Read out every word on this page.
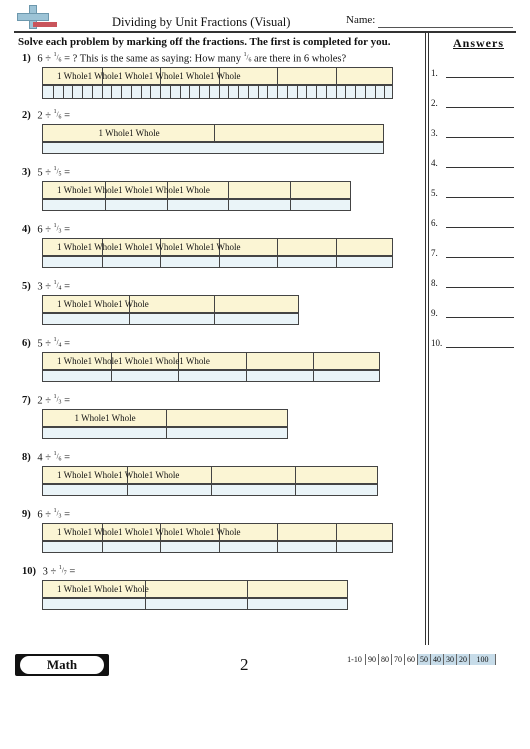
Dividing by Unit Fractions (Visual)	Name:
Solve each problem by marking off the fractions. The first is completed for you.	Answers
1.
2.
3.
4.
5.
6.
7.
8.
9.
10.
1) $6 \div ^1/_6$ = ? This is the same as saying: How many $^1/_6$ are there in 6 wholes?
1 Whole1 Whole1 Whole1 Whole1 Whole1 Whole
2) $2 \div ^1/_6$ =
1 Whole1 Whole
3) $5 \div ^1/_5$ =
1 Whole1 Whole1 Whole1 Whole1 Whole
4) $6 \div ^1/_3$ =
1 Whole1 Whole1 Whole1 Whole1 Whole1 Whole
5) $3 \div ^1/_4$ =
1 Whole1 Whole1 Whole
6) $5 \div ^1/_4$ =
1 Whole1 Whole1 Whole1 Whole1 Whole
7) $2 \div ^1/_3$ =
1 Whole1 Whole
8) $4 \div ^1/_6$ =
1 Whole1 Whole1 Whole1 Whole
9) $6 \div ^1/_3$ =
1 Whole1 Whole1 Whole1 Whole1 Whole1 Whole
10) $3 \div ^1/_7$ =
1 Whole1 Whole1 Whole
Math	2	1-10 90 80 70 60 50 40 30 20	100
